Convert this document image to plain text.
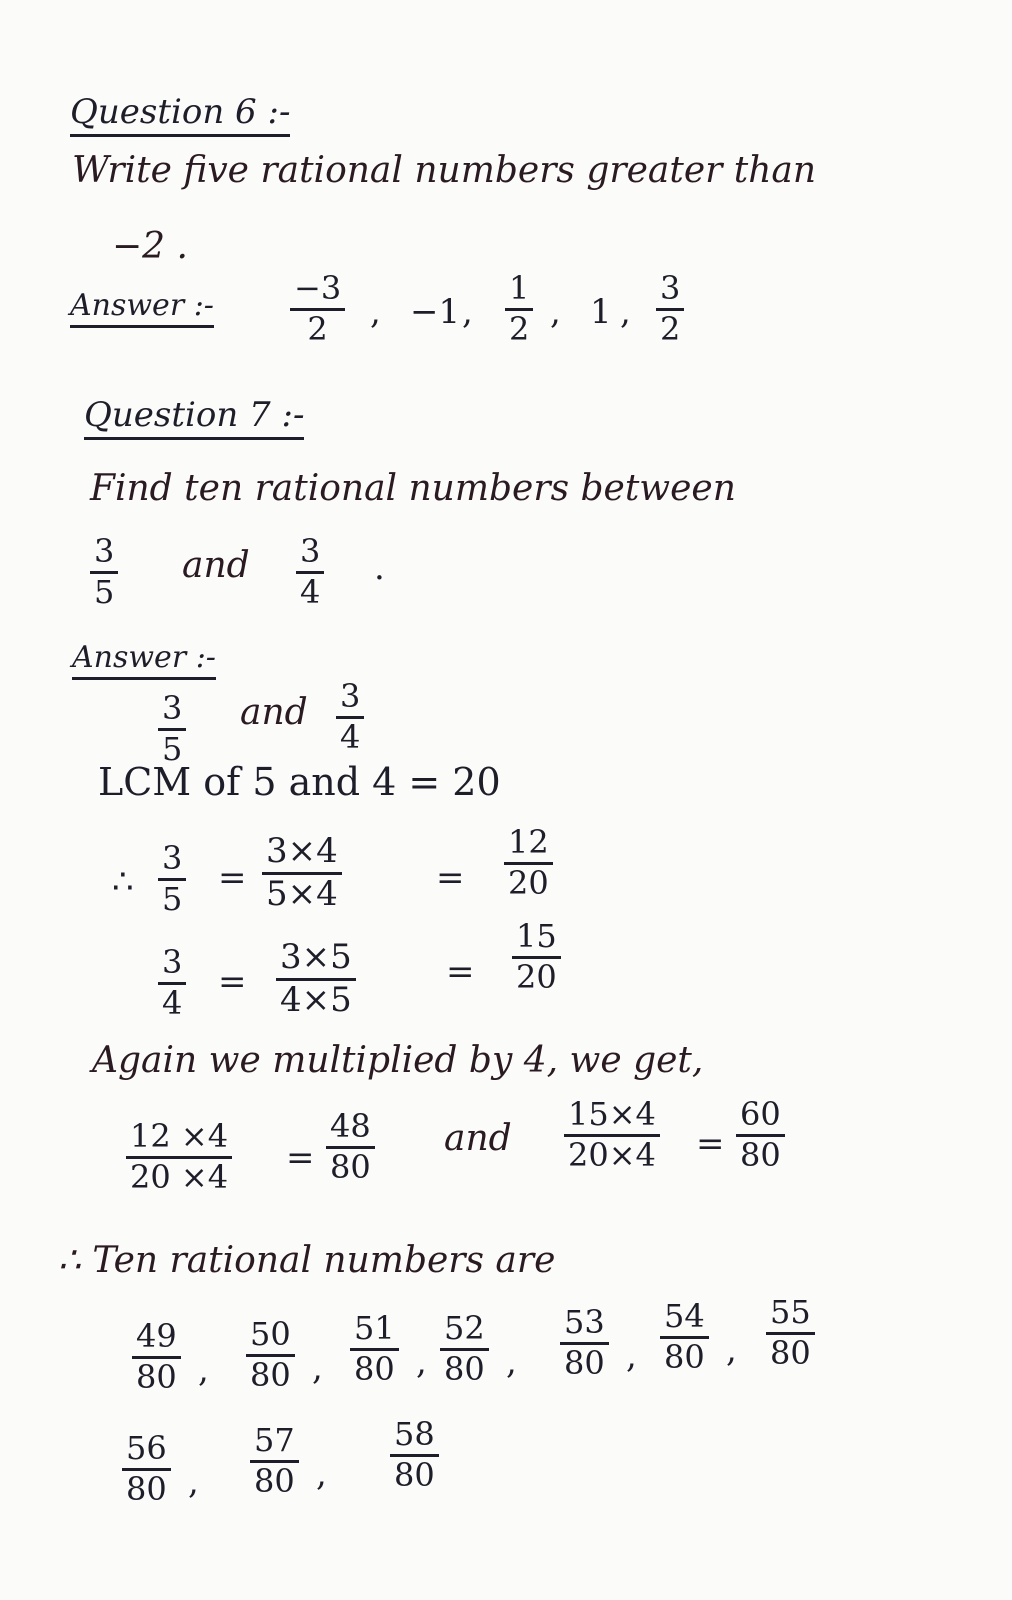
Question 6 :-
Write five rational numbers greater than
−2 .
Answer :-	−3
2 , −1 ,
1
2 , 1 ,
3
2
Question 7 :-
Find ten rational numbers between
3
5
and 3
4
.
Answer :-
3
5
and 3
4
LCM of 5 and 4 = 20
∴
3
5
=
3×4
5×4	=
12
20
3
4
=
3×5
4×5
=
15
20
Again we multiplied by 4, we get,
12 ×4
20 ×4 =
48
80
and
15×4
20×4 =
60
80
∴ Ten rational numbers are
49
80 ,
50
80 ,
51
80 ,
52
80 ,
53
80 ,
54
80 ,
55
80
56
80 ,
57
80 ,
58
80
